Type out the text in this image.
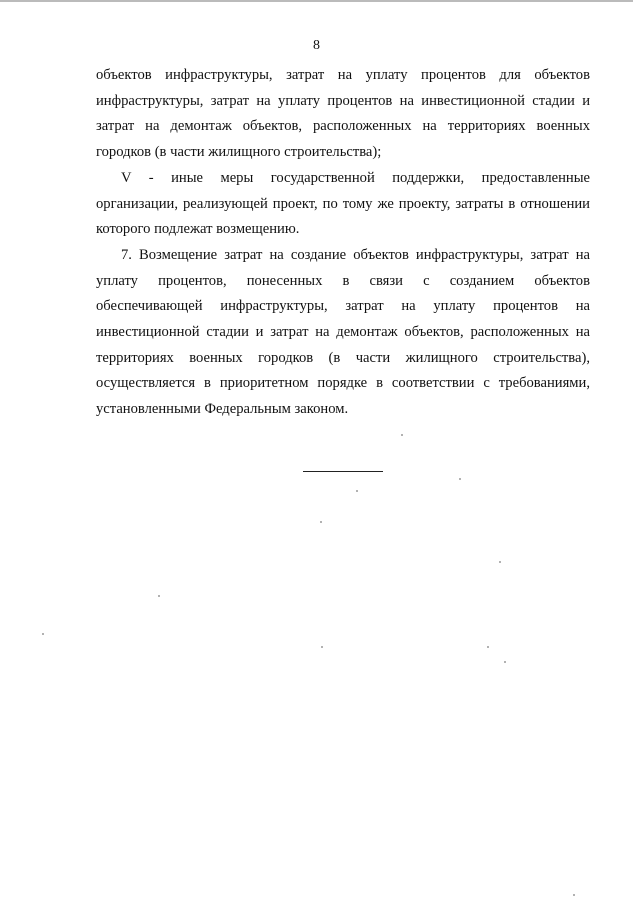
8
объектов инфраструктуры, затрат на уплату процентов для объектов
инфраструктуры, затрат на уплату процентов на инвестиционной стадии и
затрат на демонтаж объектов, расположенных на территориях военных
городков (в части жилищного строительства);
V - иные меры государственной поддержки, предоставленные
организации, реализующей проект, по тому же проекту, затраты в отношении
которого подлежат возмещению.
7. Возмещение затрат на создание объектов инфраструктуры, затрат на
уплату процентов, понесенных в связи с созданием объектов
обеспечивающей инфраструктуры, затрат на уплату процентов на
инвестиционной стадии и затрат на демонтаж объектов, расположенных на
территориях военных городков (в части жилищного строительства),
осуществляется в приоритетном порядке в соответствии с требованиями,
установленными Федеральным законом.
